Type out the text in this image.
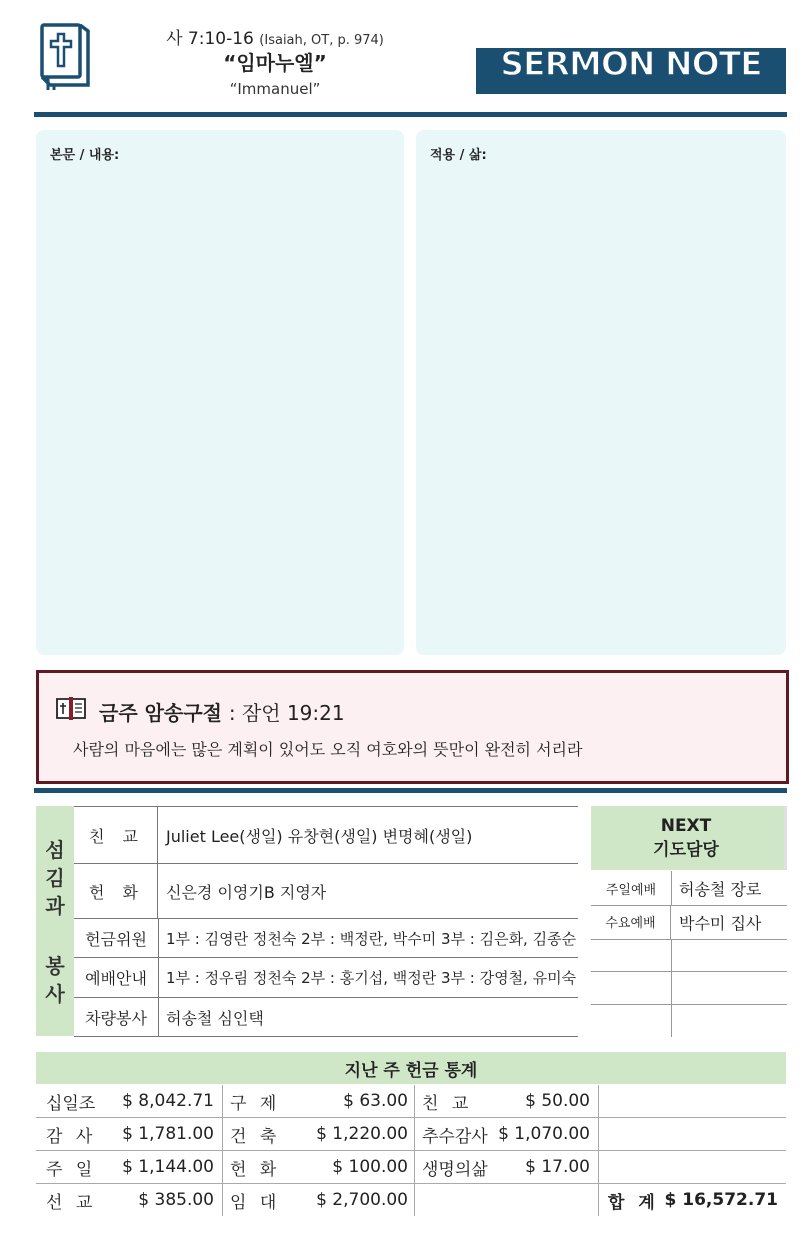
사 7:10-16 (Isaiah, OT, p. 974)
“임마누엘”
“Immanuel”
SERMON NOTE
본문 / 내용:	적용 / 삶:
금주 암송구절 : 잠언 19:21
사람의 마음에는 많은 계획이 있어도 오직 여호와의 뜻만이 완전히 서리라
섬
김
과
봉
사
친교 Juliet Lee(생일) 유창현(생일) 변명혜(생일)
헌화 신은경 이영기B 지영자
헌금위원	1부 : 김영란 정천숙 2부 : 백정란, 박수미 3부 : 김은화, 김종순
예배안내	1부 : 정우림 정천숙 2부 : 홍기섭, 백정란 3부 : 강영철, 유미숙
차량봉사	허송철 심인택
NEXT
기도담당
주일예배	허송철 장로
수요예배	박수미 집사
지난 주 헌금 통계
십일조	$ 8,042.71 구 제	$ 63.00 친 교	$ 50.00
감 사	$ 1,781.00 건 축	$ 1,220.00 추수감사 $ 1,070.00
주 일	$ 1,144.00 헌 화	$ 100.00 생명의삶	$ 17.00
선 교	$ 385.00 임 대	$ 2,700.00	합 계 $ 16,572.71
